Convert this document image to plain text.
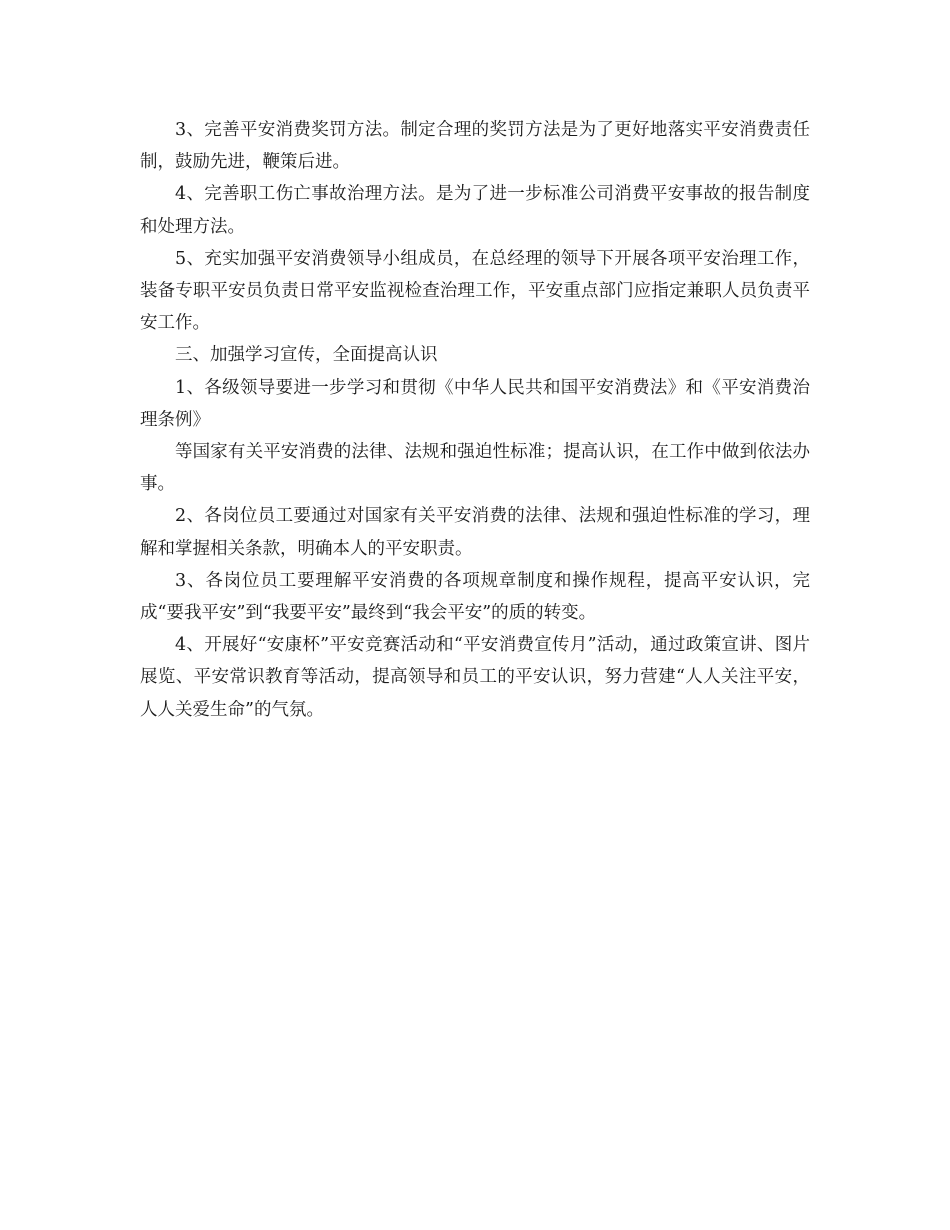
3、完善平安消费奖罚方法。制定合理的奖罚方法是为了更好地落实平安消费责任制，鼓励先进，鞭策后进。

4、完善职工伤亡事故治理方法。是为了进一步标准公司消费平安事故的报告制度和处理方法。

5、充实加强平安消费领导小组成员，在总经理的领导下开展各项平安治理工作，装备专职平安员负责日常平安监视检查治理工作，平安重点部门应指定兼职人员负责平安工作。

三、加强学习宣传，全面提高认识

1、各级领导要进一步学习和贯彻《中华人民共和国平安消费法》和《平安消费治理条例》

等国家有关平安消费的法律、法规和强迫性标准；提高认识，在工作中做到依法办事。

2、各岗位员工要通过对国家有关平安消费的法律、法规和强迫性标准的学习，理解和掌握相关条款，明确本人的平安职责。

3、各岗位员工要理解平安消费的各项规章制度和操作规程，提高平安认识，完成“要我平安”到“我要平安”最终到“我会平安”的质的转变。

4、开展好“安康杯”平安竞赛活动和“平安消费宣传月”活动，通过政策宣讲、图片展览、平安常识教育等活动，提高领导和员工的平安认识，努力营建“人人关注平安，人人关爱生命”的气氛。
